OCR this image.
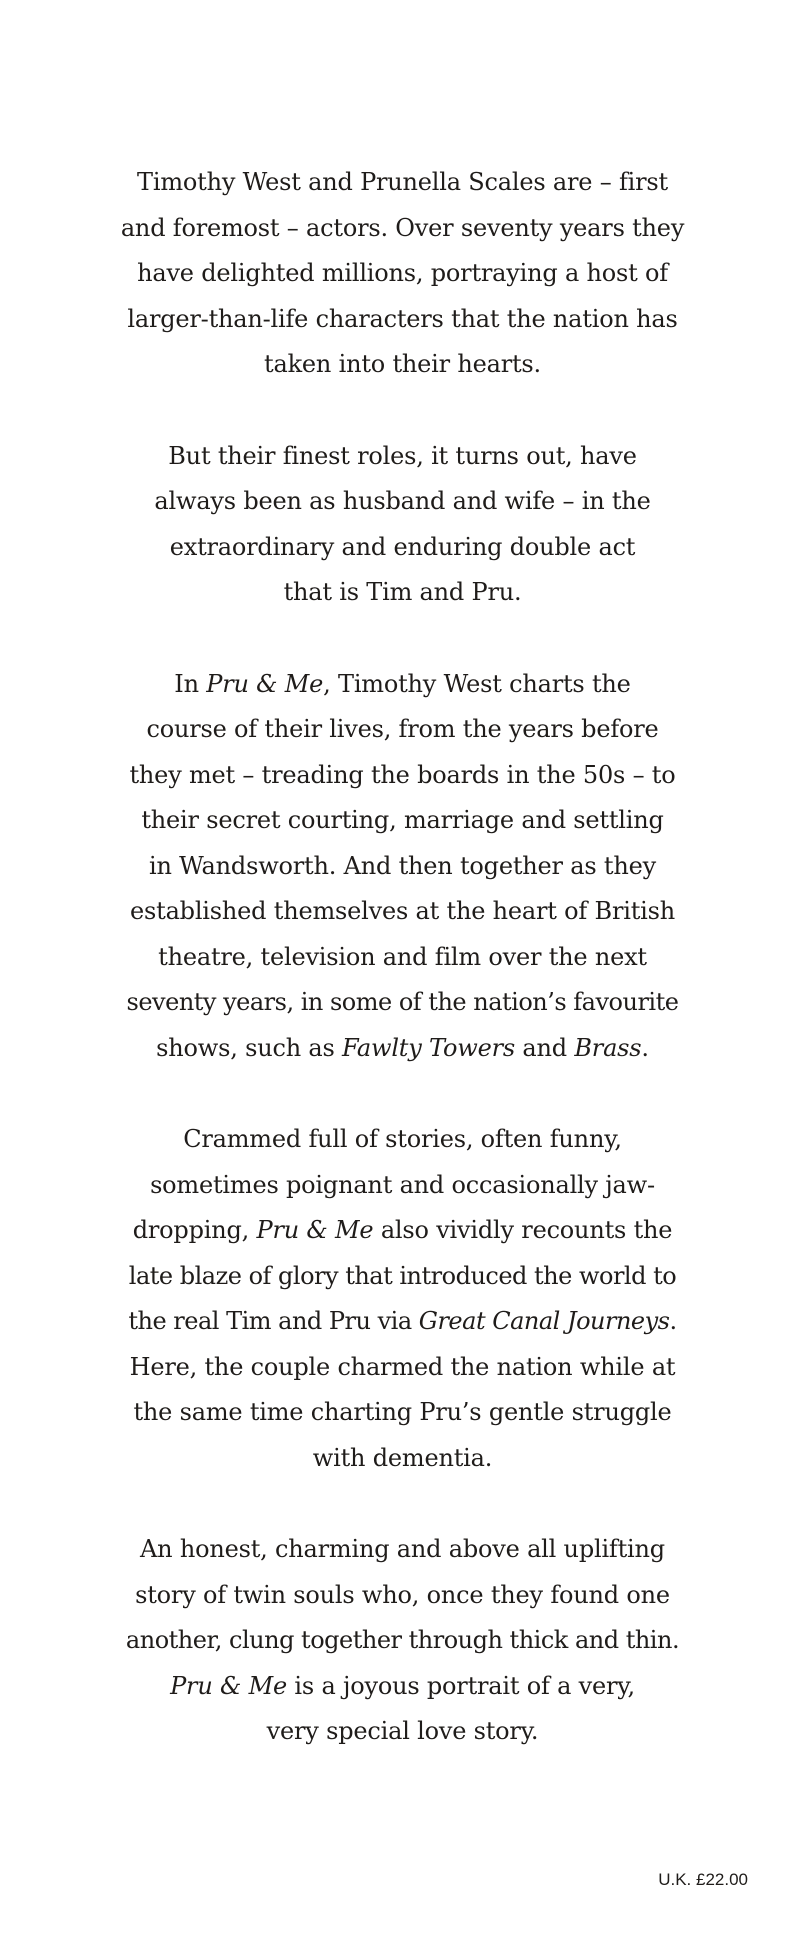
Timothy West and Prunella Scales are – first
and foremost – actors. Over seventy years they
have delighted millions, portraying a host of
larger-than-life characters that the nation has
taken into their hearts.

But their finest roles, it turns out, have
always been as husband and wife – in the
extraordinary and enduring double act
that is Tim and Pru.

In Pru & Me, Timothy West charts the
course of their lives, from the years before
they met – treading the boards in the 50s – to
their secret courting, marriage and settling
in Wandsworth. And then together as they
established themselves at the heart of British
theatre, television and film over the next
seventy years, in some of the nation’s favourite
shows, such as Fawlty Towers and Brass.

Crammed full of stories, often funny,
sometimes poignant and occasionally jaw-
dropping, Pru & Me also vividly recounts the
late blaze of glory that introduced the world to
the real Tim and Pru via Great Canal Journeys.
Here, the couple charmed the nation while at
the same time charting Pru’s gentle struggle
with dementia.

An honest, charming and above all uplifting
story of twin souls who, once they found one
another, clung together through thick and thin.
Pru & Me is a joyous portrait of a very,
very special love story.

U.K. £22.00
